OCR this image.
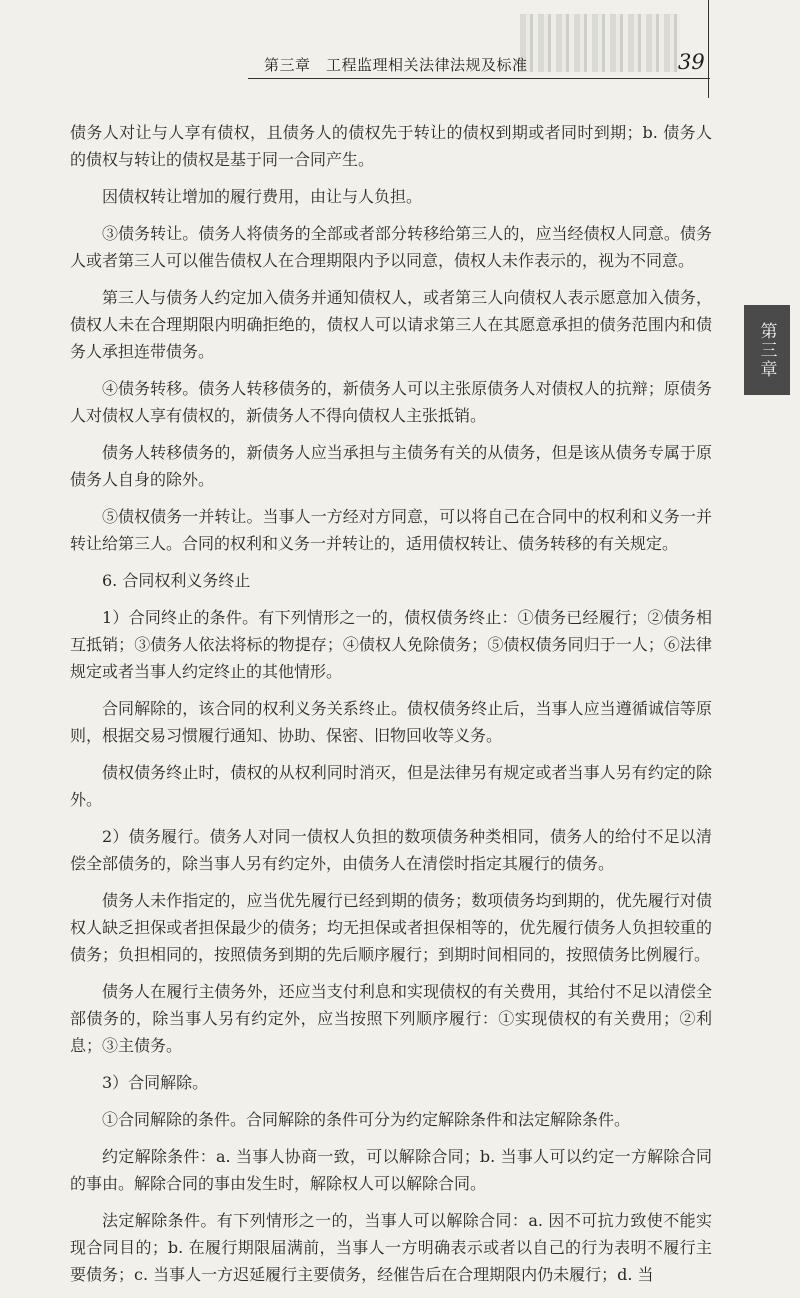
第三章　工程监理相关法律法规及标准	39
第三章

债务人对让与人享有债权，且债务人的债权先于转让的债权到期或者同时到期；b. 债务人的债权与转让的债权是基于同一合同产生。

因债权转让增加的履行费用，由让与人负担。

③债务转让。债务人将债务的全部或者部分转移给第三人的，应当经债权人同意。债务人或者第三人可以催告债权人在合理期限内予以同意，债权人未作表示的，视为不同意。

第三人与债务人约定加入债务并通知债权人，或者第三人向债权人表示愿意加入债务，债权人未在合理期限内明确拒绝的，债权人可以请求第三人在其愿意承担的债务范围内和债务人承担连带债务。

④债务转移。债务人转移债务的，新债务人可以主张原债务人对债权人的抗辩；原债务人对债权人享有债权的，新债务人不得向债权人主张抵销。

债务人转移债务的，新债务人应当承担与主债务有关的从债务，但是该从债务专属于原债务人自身的除外。

⑤债权债务一并转让。当事人一方经对方同意，可以将自己在合同中的权利和义务一并转让给第三人。合同的权利和义务一并转让的，适用债权转让、债务转移的有关规定。

6. 合同权利义务终止

1）合同终止的条件。有下列情形之一的，债权债务终止：①债务已经履行；②债务相互抵销；③债务人依法将标的物提存；④债权人免除债务；⑤债权债务同归于一人；⑥法律规定或者当事人约定终止的其他情形。

合同解除的，该合同的权利义务关系终止。债权债务终止后，当事人应当遵循诚信等原则，根据交易习惯履行通知、协助、保密、旧物回收等义务。

债权债务终止时，债权的从权利同时消灭，但是法律另有规定或者当事人另有约定的除外。

2）债务履行。债务人对同一债权人负担的数项债务种类相同，债务人的给付不足以清偿全部债务的，除当事人另有约定外，由债务人在清偿时指定其履行的债务。

债务人未作指定的，应当优先履行已经到期的债务；数项债务均到期的，优先履行对债权人缺乏担保或者担保最少的债务；均无担保或者担保相等的，优先履行债务人负担较重的债务；负担相同的，按照债务到期的先后顺序履行；到期时间相同的，按照债务比例履行。

债务人在履行主债务外，还应当支付利息和实现债权的有关费用，其给付不足以清偿全部债务的，除当事人另有约定外，应当按照下列顺序履行：①实现债权的有关费用；②利息；③主债务。

3）合同解除。

①合同解除的条件。合同解除的条件可分为约定解除条件和法定解除条件。

约定解除条件：a. 当事人协商一致，可以解除合同；b. 当事人可以约定一方解除合同的事由。解除合同的事由发生时，解除权人可以解除合同。

法定解除条件。有下列情形之一的，当事人可以解除合同：a. 因不可抗力致使不能实现合同目的；b. 在履行期限届满前，当事人一方明确表示或者以自己的行为表明不履行主要债务；c. 当事人一方迟延履行主要债务，经催告后在合理期限内仍未履行；d. 当
